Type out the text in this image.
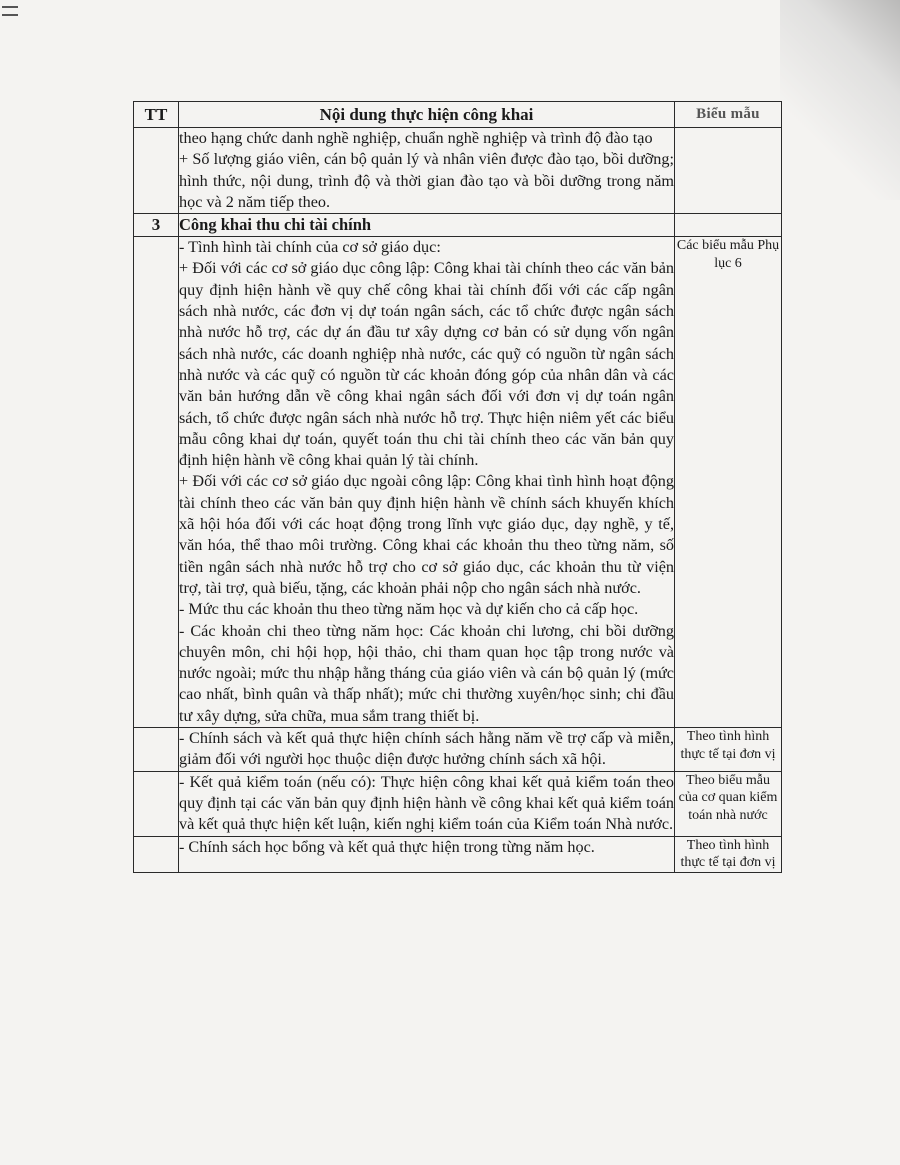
TT	Nội dung thực hiện công khai	Biểu mẫu

	theo hạng chức danh nghề nghiệp, chuẩn nghề nghiệp và trình độ đào tạo

+ Số lượng giáo viên, cán bộ quản lý và nhân viên được đào tạo, bồi dưỡng; hình thức, nội dung, trình độ và thời gian đào tạo và bồi dưỡng trong năm học và 2 năm tiếp theo.	

3	Công khai thu chi tài chính	

	- Tình hình tài chính của cơ sở giáo dục:

+ Đối với các cơ sở giáo dục công lập: Công khai tài chính theo các văn bản quy định hiện hành về quy chế công khai tài chính đối với các cấp ngân sách nhà nước, các đơn vị dự toán ngân sách, các tổ chức được ngân sách nhà nước hỗ trợ, các dự án đầu tư xây dựng cơ bản có sử dụng vốn ngân sách nhà nước, các doanh nghiệp nhà nước, các quỹ có nguồn từ ngân sách nhà nước và các quỹ có nguồn từ các khoản đóng góp của nhân dân và các văn bản hướng dẫn về công khai ngân sách đối với đơn vị dự toán ngân sách, tổ chức được ngân sách nhà nước hỗ trợ. Thực hiện niêm yết các biểu mẫu công khai dự toán, quyết toán thu chi tài chính theo các văn bản quy định hiện hành về công khai quản lý tài chính.

+ Đối với các cơ sở giáo dục ngoài công lập: Công khai tình hình hoạt động tài chính theo các văn bản quy định hiện hành về chính sách khuyến khích xã hội hóa đối với các hoạt động trong lĩnh vực giáo dục, dạy nghề, y tế, văn hóa, thể thao môi trường. Công khai các khoản thu theo từng năm, số tiền ngân sách nhà nước hỗ trợ cho cơ sở giáo dục, các khoản thu từ viện trợ, tài trợ, quà biếu, tặng, các khoản phải nộp cho ngân sách nhà nước.

- Mức thu các khoản thu theo từng năm học và dự kiến cho cả cấp học.

- Các khoản chi theo từng năm học: Các khoản chi lương, chi bồi dưỡng chuyên môn, chi hội họp, hội thảo, chi tham quan học tập trong nước và nước ngoài; mức thu nhập hằng tháng của giáo viên và cán bộ quản lý (mức cao nhất, bình quân và thấp nhất); mức chi thường xuyên/học sinh; chi đầu tư xây dựng, sửa chữa, mua sắm trang thiết bị.	Các biểu mẫu Phụ lục 6
	- Chính sách và kết quả thực hiện chính sách hằng năm về trợ cấp và miễn, giảm đối với người học thuộc diện được hưởng chính sách xã hội.	Theo tình hình thực tế tại đơn vị
	- Kết quả kiểm toán (nếu có): Thực hiện công khai kết quả kiểm toán theo quy định tại các văn bản quy định hiện hành về công khai kết quả kiểm toán và kết quả thực hiện kết luận, kiến nghị kiểm toán của Kiểm toán Nhà nước.	Theo biểu mẫu của cơ quan kiểm toán nhà nước
	- Chính sách học bổng và kết quả thực hiện trong từng năm học.	Theo tình hình thực tế tại đơn vị
